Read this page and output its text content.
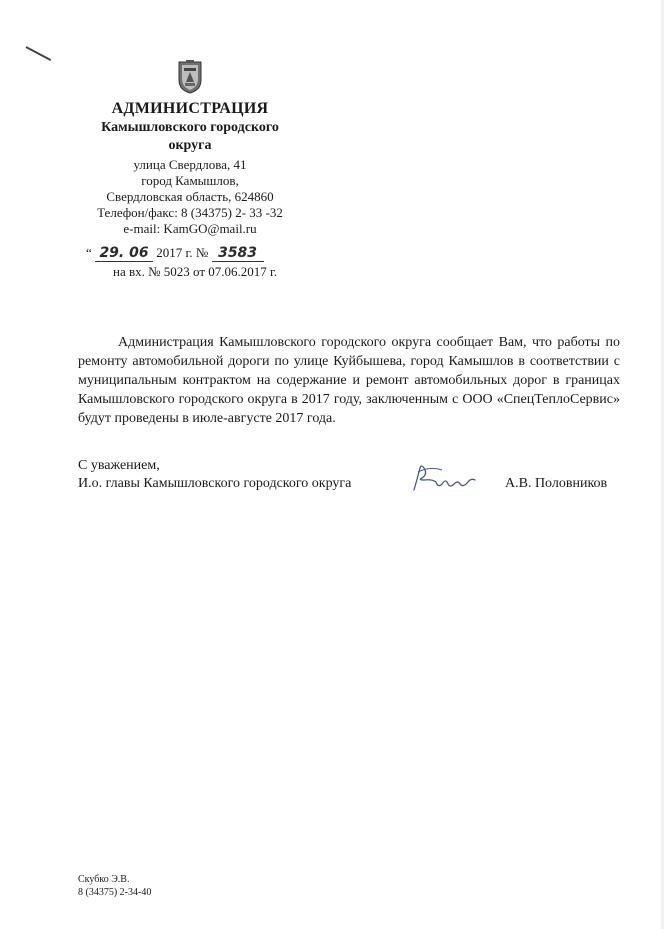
АДМИНИСТРАЦИЯ
Камышловского городского
округа
улица Свердлова, 41
город Камышлов,
Свердловская область, 624860
Телефон/факс: 8 (34375) 2- 33 -32
e-mail: KamGO@mail.ru
“ 29. 06 2017 г. № 3583
на вх. № 5023 от 07.06.2017 г.

Администрация Камышловского городского округа сообщает Вам, что работы по ремонту автомобильной дороги по улице Куйбышева, город Камышлов в соответствии с муниципальным контрактом на содержание и ремонт автомобильных дорог в границах Камышловского городского округа в 2017 году, заключенным с ООО «СпецТеплоСервис» будут проведены в июле-августе 2017 года.

С уважением,
И.о. главы Камышловского городского округа	А.В. Половников
Скубко Э.В.
8 (34375) 2-34-40
